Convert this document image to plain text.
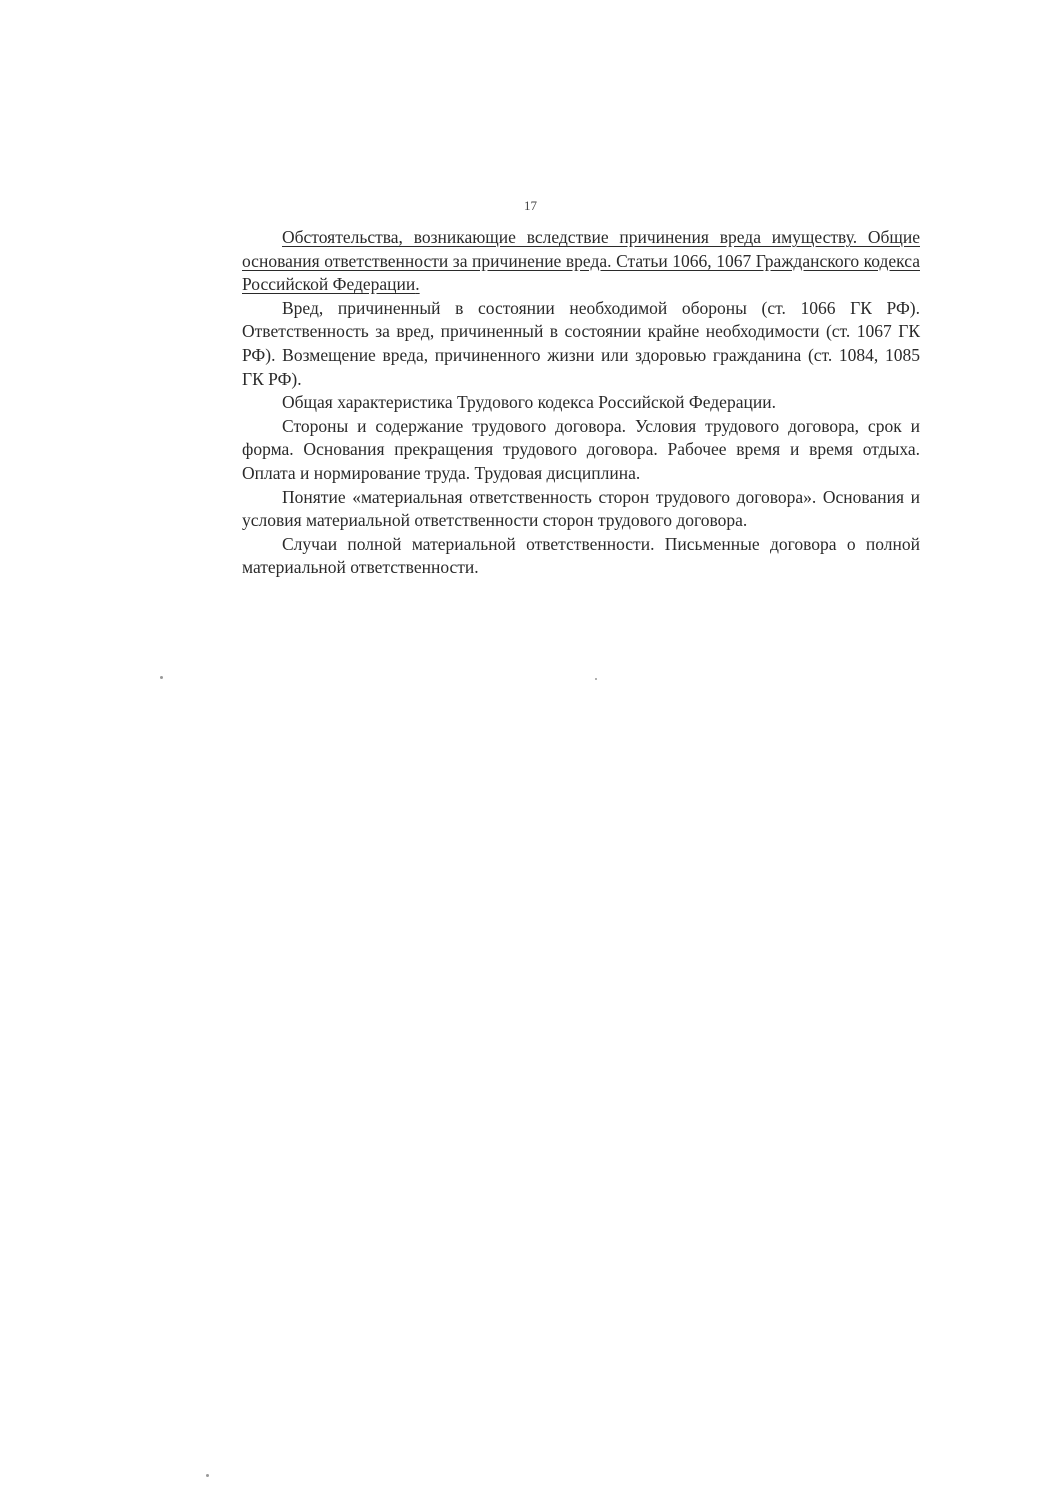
17

Обстоятельства, возникающие вследствие причинения вреда имуществу. Общие основания ответственности за причинение вреда. Статьи 1066, 1067 Гражданского кодекса Российской Федерации.

Вред, причиненный в состоянии необходимой обороны (ст. 1066 ГК РФ). Ответственность за вред, причиненный в состоянии крайне необходимости (ст. 1067 ГК РФ). Возмещение вреда, причиненного жизни или здоровью гражданина (ст. 1084, 1085 ГК РФ).

Общая характеристика Трудового кодекса Российской Федерации.

Стороны и содержание трудового договора. Условия трудового договора, срок и форма. Основания прекращения трудового договора. Рабочее время и время отдыха. Оплата и нормирование труда. Трудовая дисциплина.

Понятие «материальная ответственность сторон трудового договора». Основания и условия материальной ответственности сторон трудового договора.

Случаи полной материальной ответственности. Письменные договора о полной материальной ответственности.
